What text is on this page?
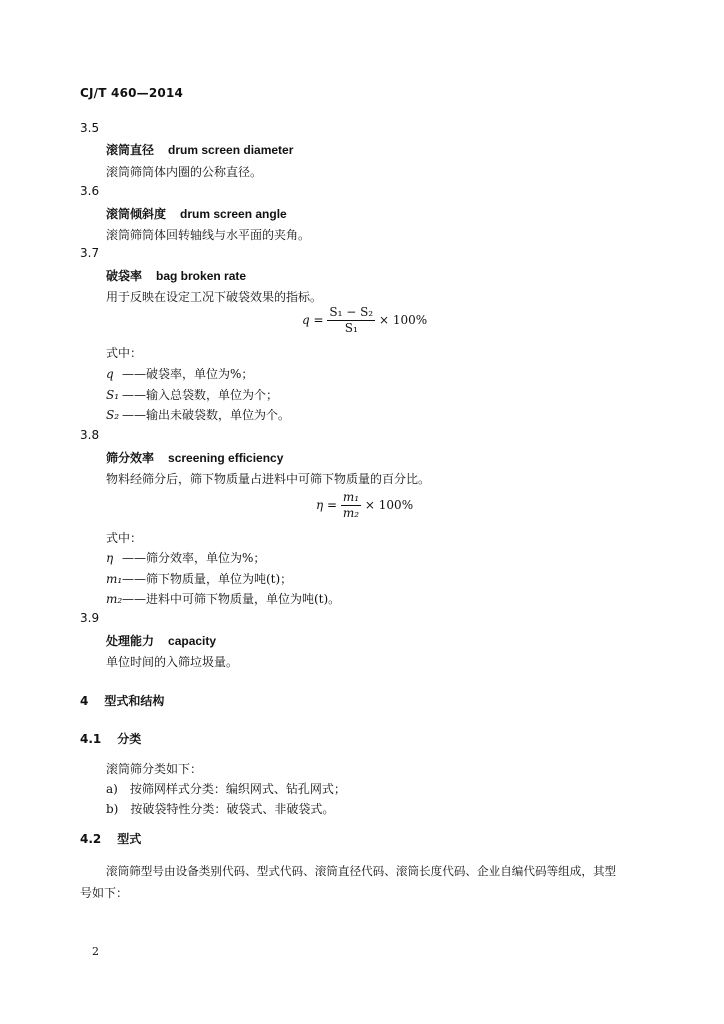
CJ/T 460—2014
3.5
滚筒直径 drum screen diameter
滚筒筛筒体内圈的公称直径。
3.6
滚筒倾斜度 drum screen angle
滚筒筛筒体回转轴线与水平面的夹角。
3.7
破袋率 bag broken rate
用于反映在设定工况下破袋效果的指标。
$q = \frac{\text{S₁ − S₂}}{\text{S₁}} \times 100\%$
式中：
q ——破袋率，单位为%；
S₁ ——输入总袋数，单位为个；
S₂ ——输出未破袋数，单位为个。
3.8
筛分效率 screening efficiency
物料经筛分后，筛下物质量占进料中可筛下物质量的百分比。
$\eta = \frac{\text{m₁}}{\text{m₂}} \times 100\%$
式中：
η ——筛分效率，单位为%；
m₁——筛下物质量，单位为吨(t)；
m₂——进料中可筛下物质量，单位为吨(t)。
3.9
处理能力 capacity
单位时间的入筛垃圾量。
4 型式和结构
4.1 分类
滚筒筛分类如下：
a) 按筛网样式分类：编织网式、钻孔网式；
b) 按破袋特性分类：破袋式、非破袋式。
4.2 型式
滚筒筛型号由设备类别代码、型式代码、滚筒直径代码、滚筒长度代码、企业自编代码等组成，其型
号如下：
2
